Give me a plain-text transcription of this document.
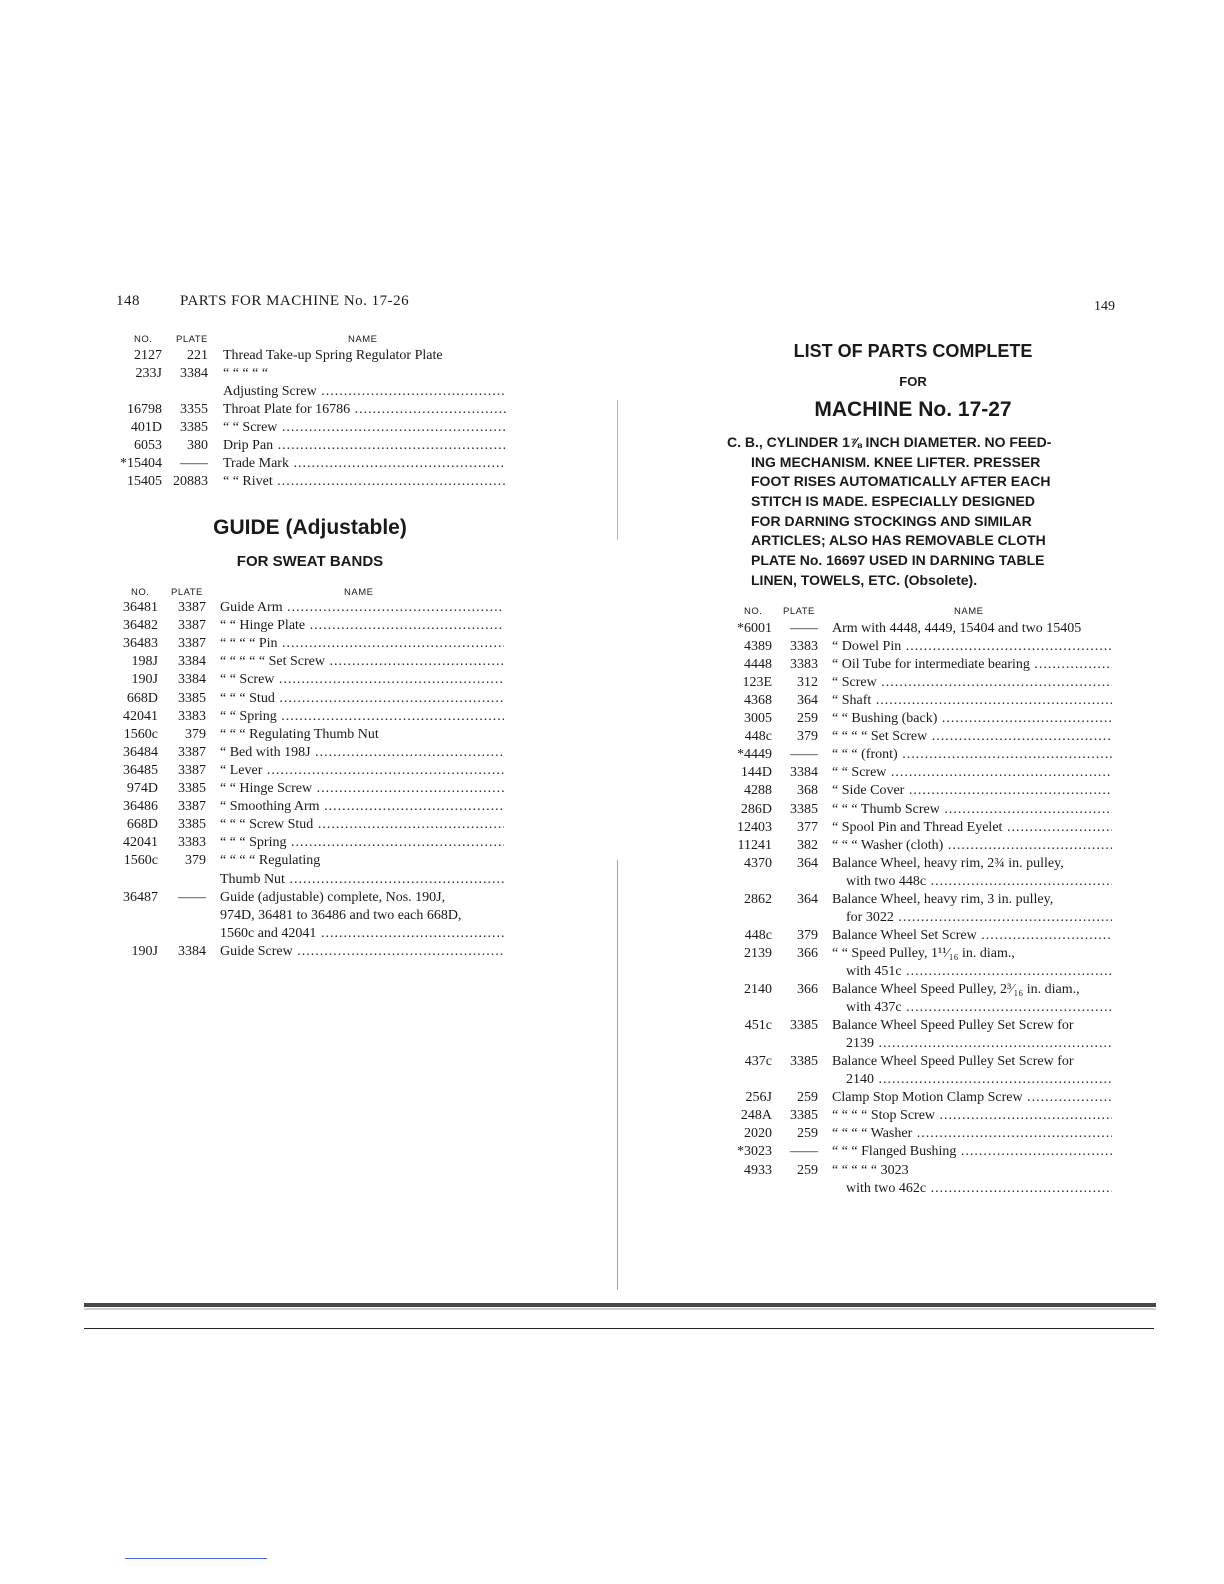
148	PARTS FOR MACHINE No. 17-26
NO. PLATE	NAME
2127	221 Thread Take-up Spring Regulator Plate
233J	3384 “ “ “ “ “
Adjusting Screw .....
16798	3355 Throat Plate for 16786 .....
401D	3385 “ “ Screw .....
6053	380 Drip Pan .....
*15404	—— Trade Mark .....
15405 20883 “ “ Rivet .....
GUIDE (Adjustable)
FOR SWEAT BANDS
NO. PLATE	NAME
36481	3387 Guide Arm .....
36482	3387 “ “ Hinge Plate .....
36483	3387 “ “ “ “ Pin .....
198J	3384 “ “ “ “ “ Set Screw .....
190J	3384 “ “ Screw .....
668D	3385 “ “ “ Stud .....
42041	3383 “ “ Spring .....
1560c	379 “ “ “ Regulating Thumb Nut
36484	3387 “ Bed with 198J .....
36485	3387 “ Lever .....
974D	3385 “ “ Hinge Screw .....
36486	3387 “ Smoothing Arm .....
668D	3385 “ “ “ Screw Stud .....
42041	3383 “ “ “ Spring .....
1560c	379 “ “ “ “ Regulating
Thumb Nut .....
36487	—— Guide (adjustable) complete, Nos. 190J,
974D, 36481 to 36486 and two each 668D,
1560c and 42041 .....
190J	3384 Guide Screw .....
149
LIST OF PARTS COMPLETE
FOR
MACHINE No. 17-27
C. B., CYLINDER 1⅞ INCH DIAMETER. NO FEED-
ING MECHANISM. KNEE LIFTER. PRESSER
FOOT RISES AUTOMATICALLY AFTER EACH
STITCH IS MADE. ESPECIALLY DESIGNED
FOR DARNING STOCKINGS AND SIMILAR
ARTICLES; ALSO HAS REMOVABLE CLOTH
PLATE No. 16697 USED IN DARNING TABLE
LINEN, TOWELS, ETC. (Obsolete).
NO. PLATE	NAME
*6001	—— Arm with 4448, 4449, 15404 and two 15405
4389	3383 “ Dowel Pin .....
4448	3383 “ Oil Tube for intermediate bearing .....
123E	312 “ Screw .....
4368	364 “ Shaft .....
3005	259 “ “ Bushing (back) .....
448c	379 “ “ “ “ Set Screw .....
*4449	—— “ “ “ (front) .....
144D	3384 “ “ Screw .....
4288	368 “ Side Cover .....
286D	3385 “ “ “ Thumb Screw .....
12403	377 “ Spool Pin and Thread Eyelet .....
11241	382 “ “ “ Washer (cloth) .....
4370	364 Balance Wheel, heavy rim, 2¾ in. pulley,
with two 448c .....
2862	364 Balance Wheel, heavy rim, 3 in. pulley,
for 3022 .....
448c	379 Balance Wheel Set Screw .....
2139	366 “ “ Speed Pulley, 1¹¹⁄₁₆ in. diam.,
with 451c .....
2140	366 Balance Wheel Speed Pulley, 2³⁄₁₆ in. diam.,
with 437c .....
451c	3385 Balance Wheel Speed Pulley Set Screw for
2139 .....
437c	3385 Balance Wheel Speed Pulley Set Screw for
2140 .....
256J	259 Clamp Stop Motion Clamp Screw .....
248A	3385 “ “ “ “ Stop Screw .....
2020	259 “ “ “ “ Washer .....
*3023	—— “ “ “ Flanged Bushing .....
4933	259 “ “ “ “ “ 3023
with two 462c .....
